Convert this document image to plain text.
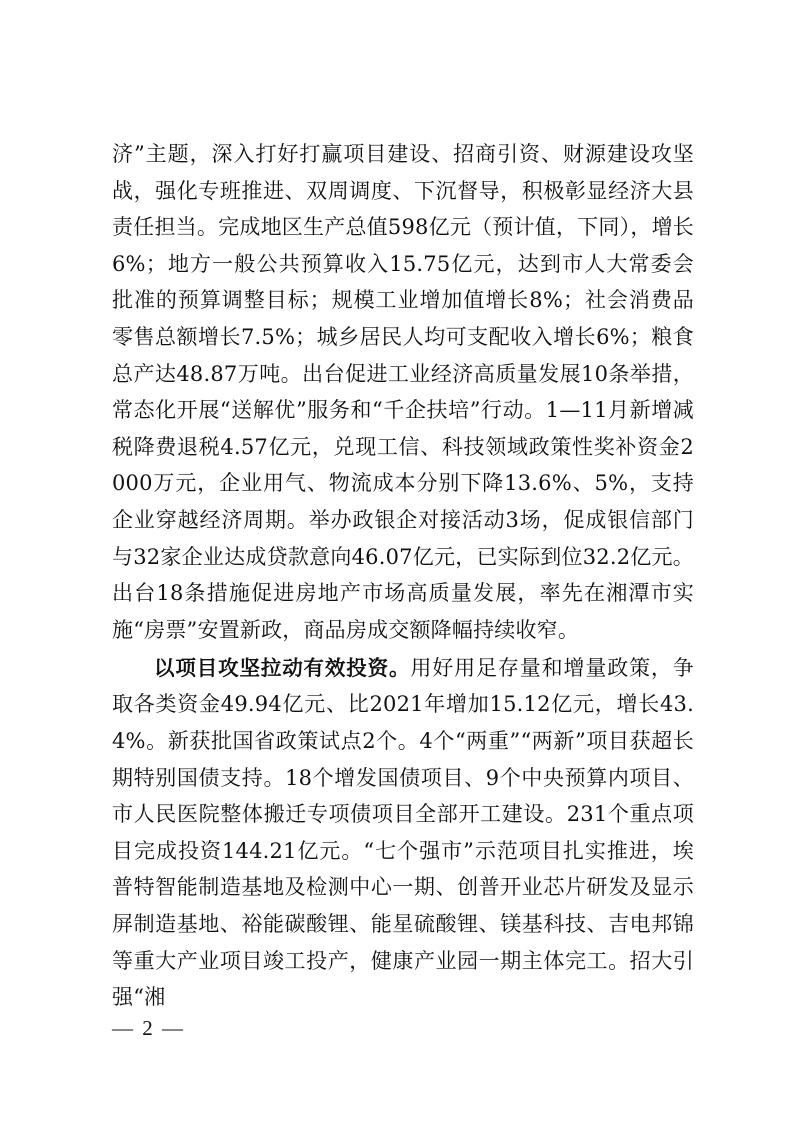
济”主题，深入打好打赢项目建设、招商引资、财源建设攻坚战，强化专班推进、双周调度、下沉督导，积极彰显经济大县责任担当。完成地区生产总值598亿元（预计值，下同），增长6%；地方一般公共预算收入15.75亿元，达到市人大常委会批准的预算调整目标；规模工业增加值增长8%；社会消费品零售总额增长7.5%；城乡居民人均可支配收入增长6%；粮食总产达48.87万吨。出台促进工业经济高质量发展10条举措，常态化开展“送解优”服务和“千企扶培”行动。1—11月新增减税降费退税4.57亿元，兑现工信、科技领域政策性奖补资金2000万元，企业用气、物流成本分别下降13.6%、5%，支持企业穿越经济周期。举办政银企对接活动3场，促成银信部门与32家企业达成贷款意向46.07亿元，已实际到位32.2亿元。出台18条措施促进房地产市场高质量发展，率先在湘潭市实施“房票”安置新政，商品房成交额降幅持续收窄。

以项目攻坚拉动有效投资。用好用足存量和增量政策，争取各类资金49.94亿元、比2021年增加15.12亿元，增长43.4%。新获批国省政策试点2个。4个“两重”“两新”项目获超长期特别国债支持。18个增发国债项目、9个中央预算内项目、市人民医院整体搬迁专项债项目全部开工建设。231个重点项目完成投资144.21亿元。“七个强市”示范项目扎实推进，埃普特智能制造基地及检测中心一期、创普开业芯片研发及显示屏制造基地、裕能碳酸锂、能星硫酸锂、镁基科技、吉电邦锦等重大产业项目竣工投产，健康产业园一期主体完工。招大引强“湘

— 2 —
